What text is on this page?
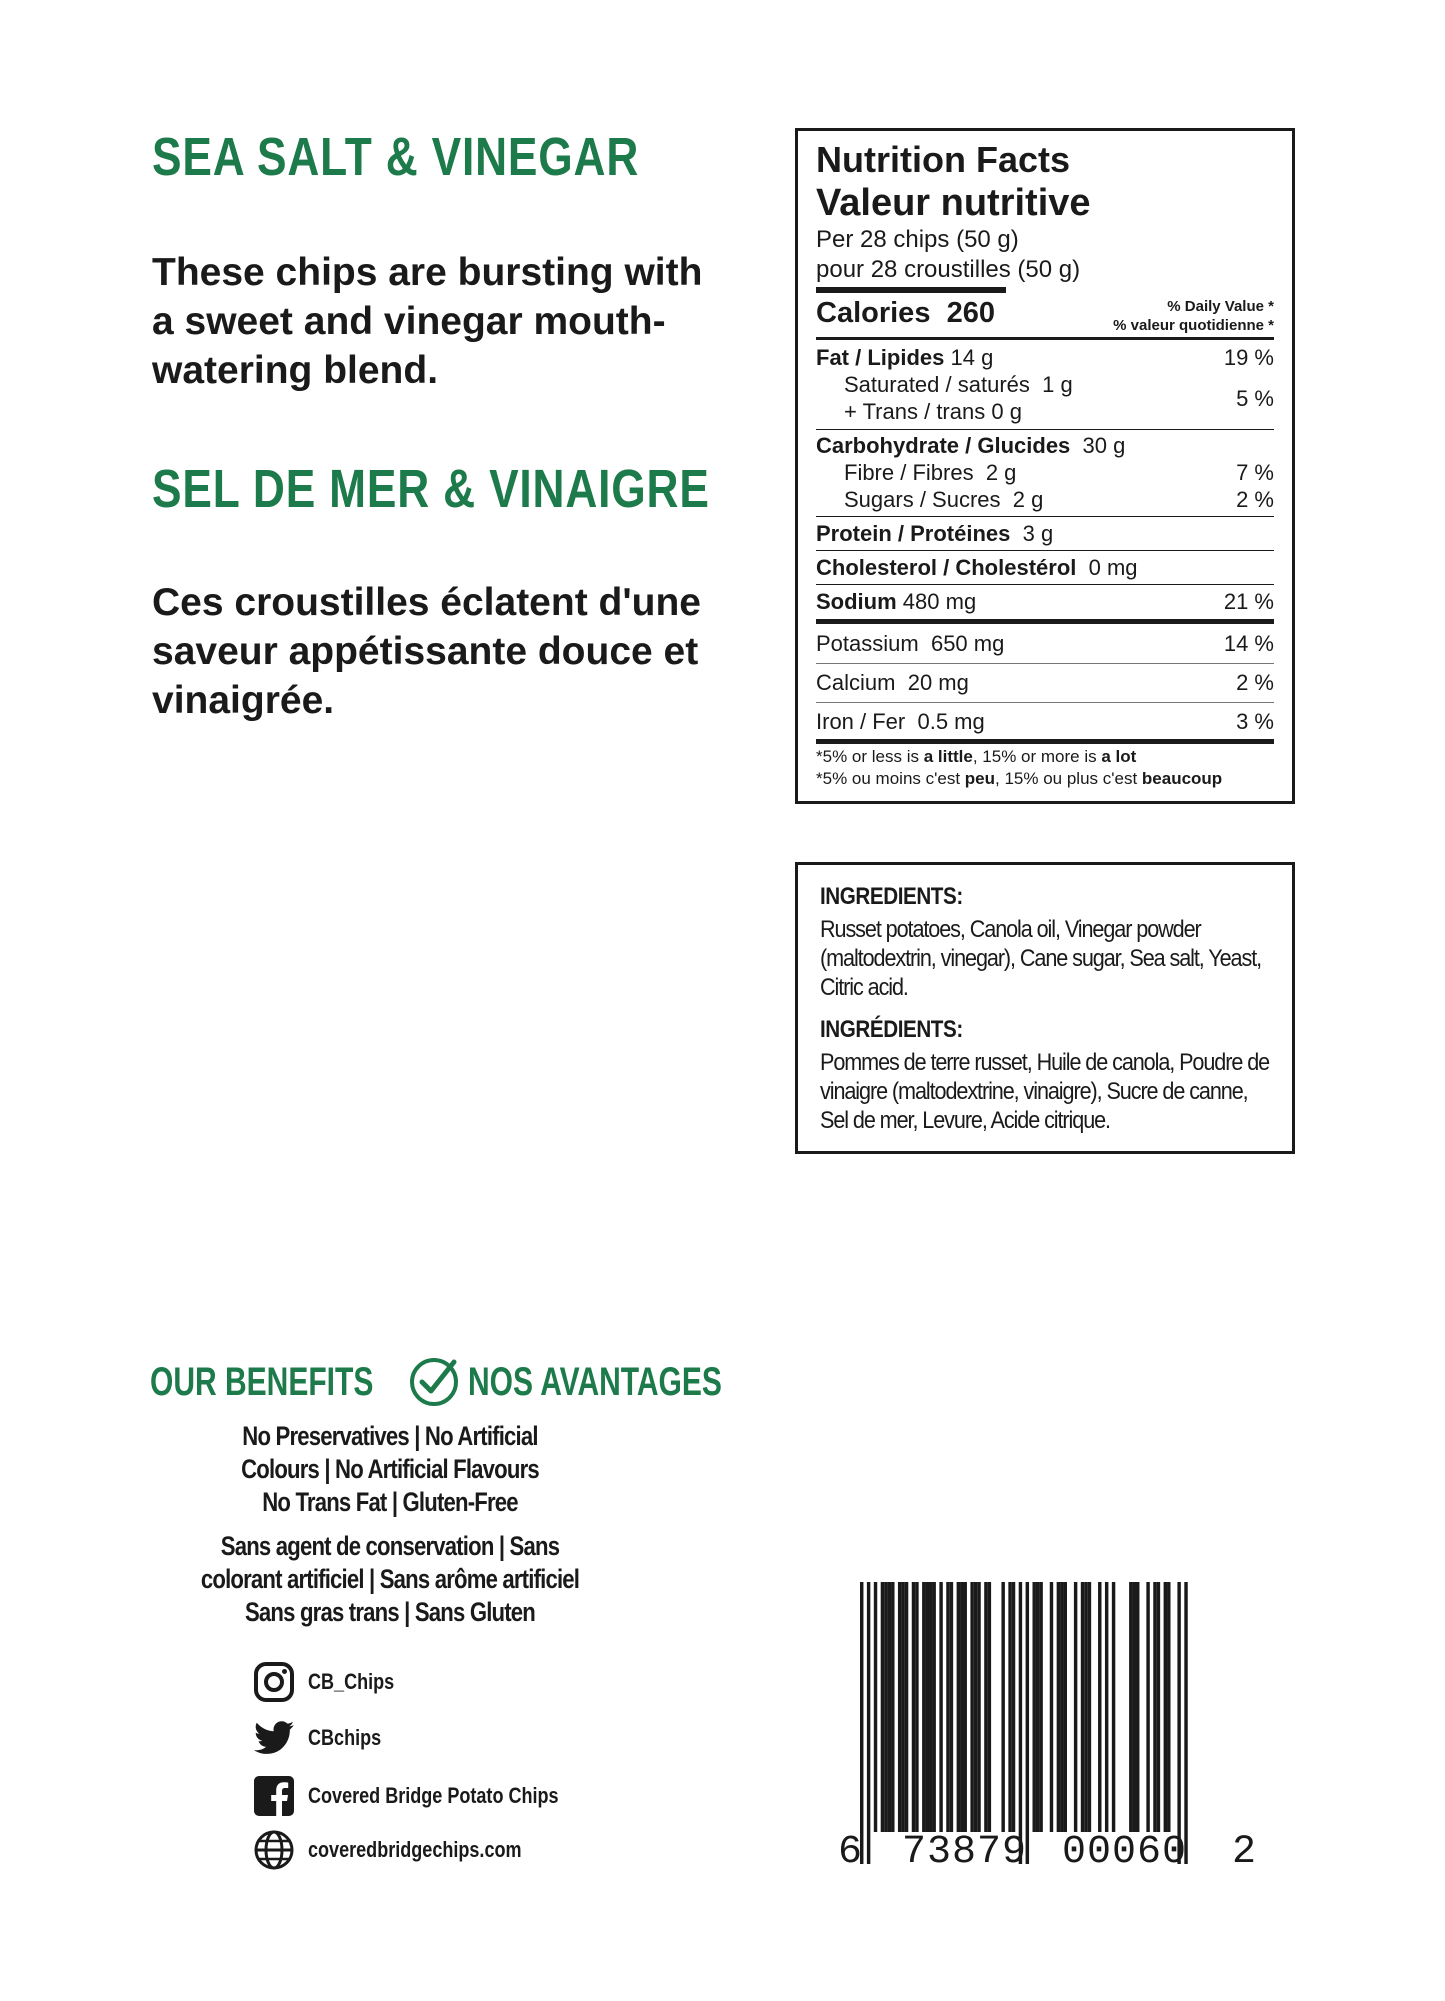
SEA SALT & VINEGAR
These chips are bursting with a sweet and vinegar mouth-watering blend.
SEL DE MER & VINAIGRE
Ces croustilles éclatent d'une saveur appétissante douce et vinaigrée.
Nutrition Facts
Valeur nutritive
Per 28 chips (50 g)
pour 28 croustilles (50 g)
Calories 260	% Daily Value *
% valeur quotidienne *
Fat / Lipides 14 g	19 %
Saturated / saturés 1 g
+ Trans / trans 0 g
5 %
Carbohydrate / Glucides 30 g
Fibre / Fibres 2 g	7 %
Sugars / Sucres 2 g	2 %
Protein / Protéines 3 g
Cholesterol / Cholestérol 0 mg
Sodium 480 mg	21 %
Potassium 650 mg	14 %
Calcium 20 mg	2 %
Iron / Fer 0.5 mg	3 %
*5% or less is a little, 15% or more is a lot
*5% ou moins c'est peu, 15% ou plus c'est beaucoup
INGREDIENTS:
Russet potatoes, Canola oil, Vinegar powder (maltodextrin, vinegar), Cane sugar, Sea salt, Yeast, Citric acid.
INGRÉDIENTS:
Pommes de terre russet, Huile de canola, Poudre de vinaigre (maltodextrine, vinaigre), Sucre de canne, Sel de mer, Levure, Acide citrique.
OUR BENEFITS NOS AVANTAGES
No Preservatives | No Artificial
Colours | No Artificial Flavours
No Trans Fat | Gluten-Free
Sans agent de conservation | Sans
colorant artificiel | Sans arôme artificiel
Sans gras trans | Sans Gluten
CB_Chips
CBchips
Covered Bridge Potato Chips
coveredbridgechips.com	6 73879 00060 2
